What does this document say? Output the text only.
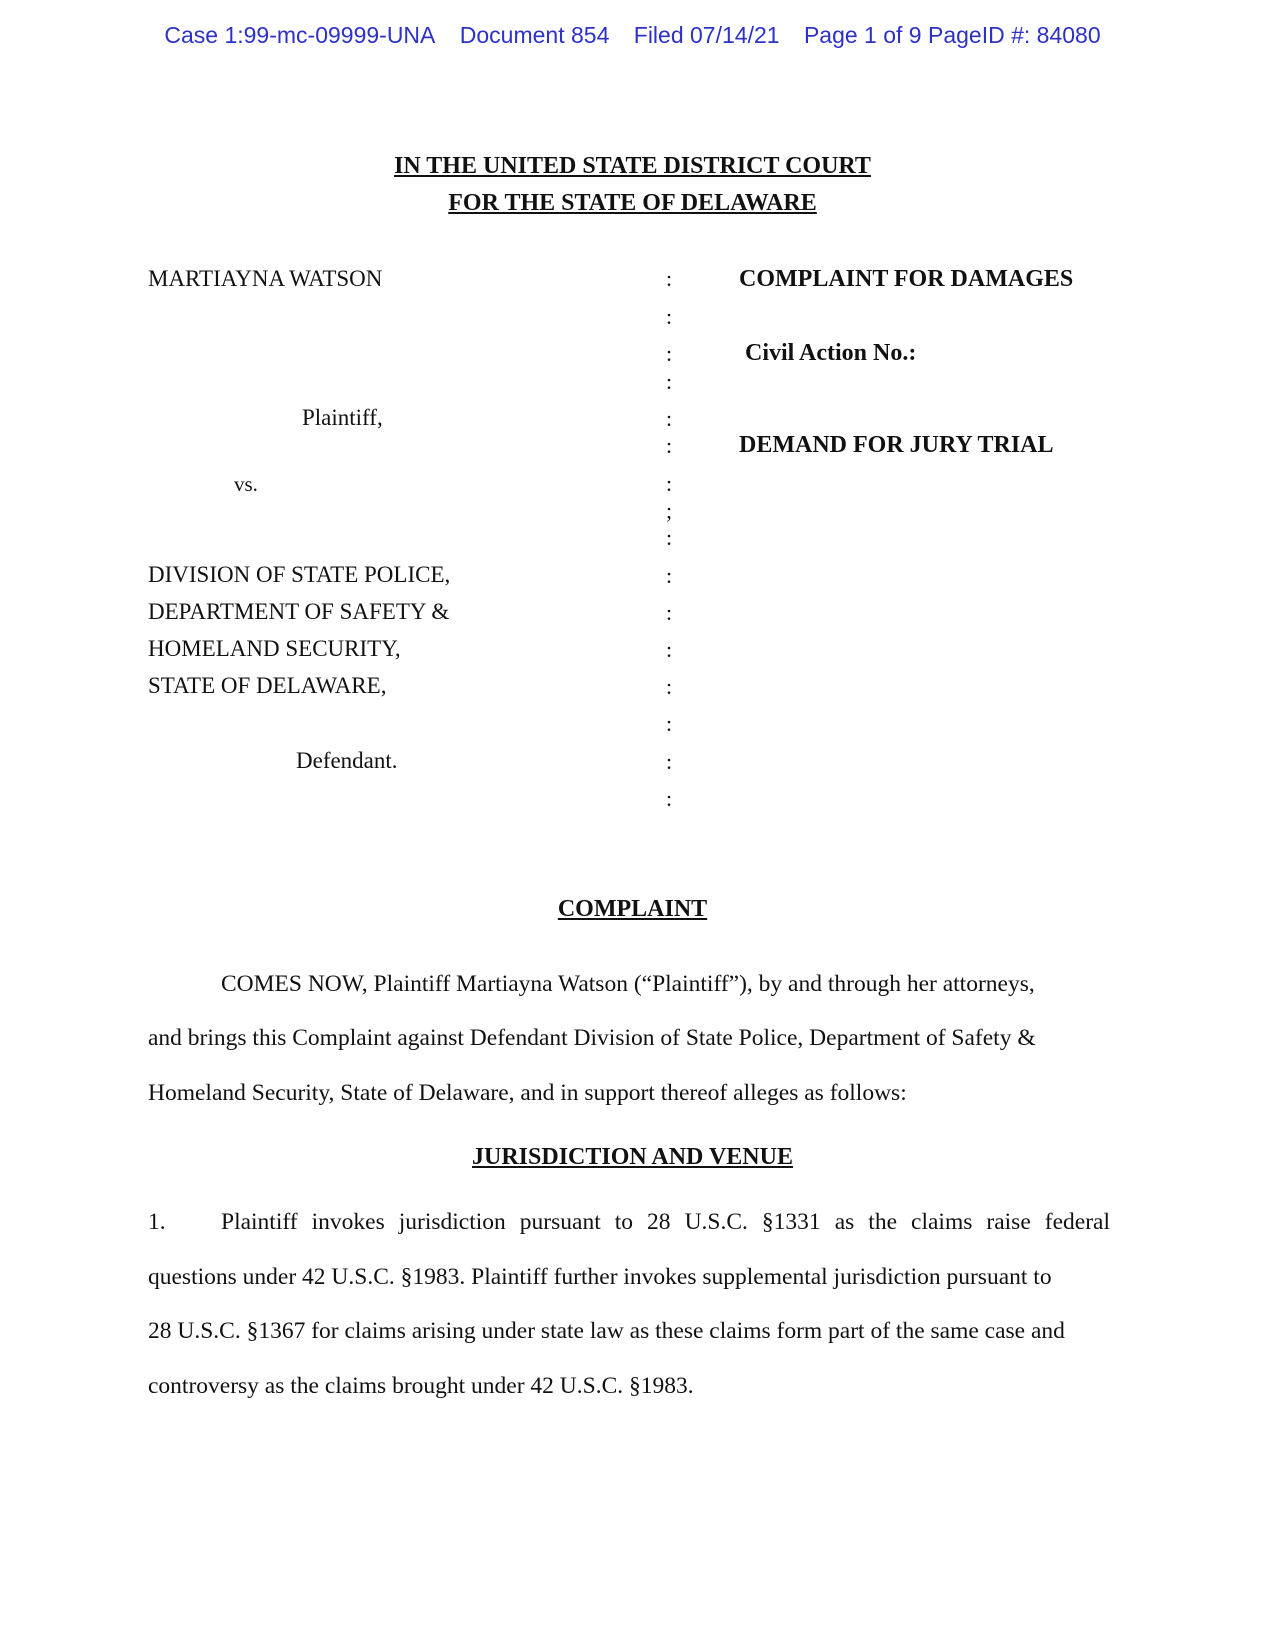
Case 1:99-mc-09999-UNA Document 854 Filed 07/14/21 Page 1 of 9 PageID #: 84080
IN THE UNITED STATE DISTRICT COURT
FOR THE STATE OF DELAWARE
MARTIAYNA WATSON
Plaintiff,
vs.
DIVISION OF STATE POLICE,
DEPARTMENT OF SAFETY &
HOMELAND SECURITY,
STATE OF DELAWARE,
Defendant.
:
:
:
:
:
:
:
;
:
:
:
:
:
:
:
:
COMPLAINT FOR DAMAGES
Civil Action No.:
DEMAND FOR JURY TRIAL
COMPLAINT
COMES NOW, Plaintiff Martiayna Watson (“Plaintiff”), by and through her attorneys,
and brings this Complaint against Defendant Division of State Police, Department of Safety &
Homeland Security, State of Delaware, and in support thereof alleges as follows:
JURISDICTION AND VENUE
1.	Plaintiff invokes jurisdiction pursuant to 28 U.S.C. §1331 as the claims raise federal
questions under 42 U.S.C. §1983. Plaintiff further invokes supplemental jurisdiction pursuant to
28 U.S.C. §1367 for claims arising under state law as these claims form part of the same case and
controversy as the claims brought under 42 U.S.C. §1983.
